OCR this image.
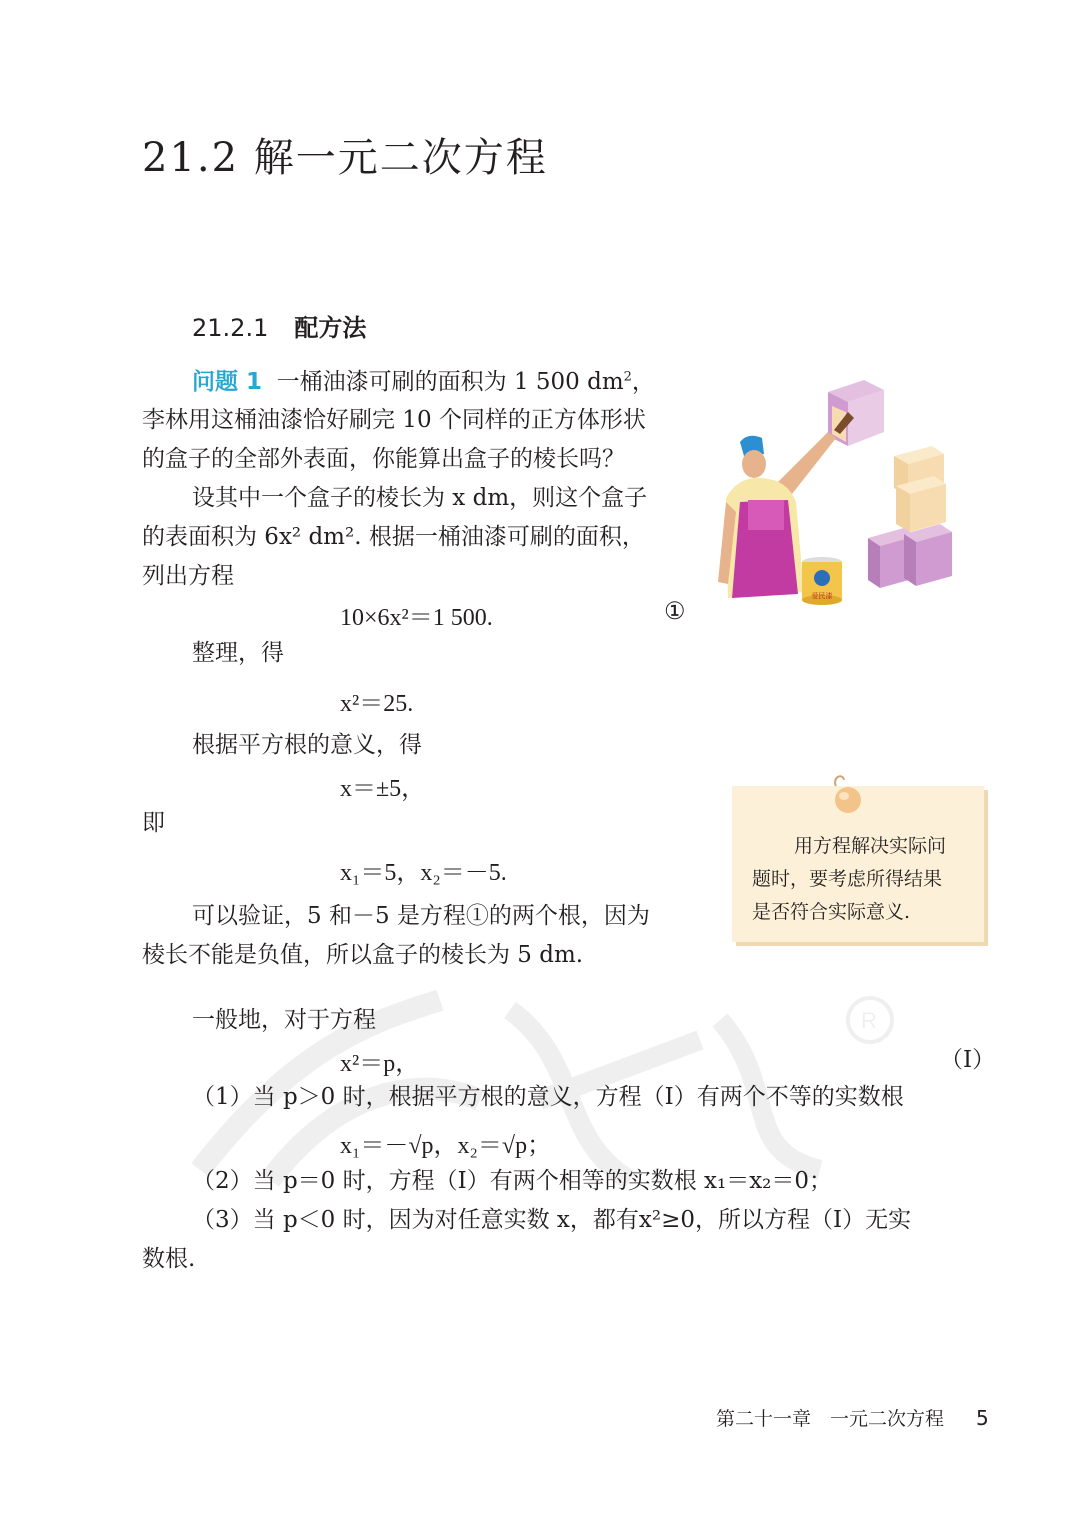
R
21.2 解一元二次方程
21.2.1 配方法
问题 1 一桶油漆可刷的面积为 1 500 $dm^2$，
李林用这桶油漆恰好刷完 10 个同样的正方体形状
的盒子的全部外表面，你能算出盒子的棱长吗？
设其中一个盒子的棱长为 x dm，则这个盒子
的表面积为 6x² dm². 根据一桶油漆可刷的面积，
列出方程
10×6x²＝1 500.	①
整理，得
x²＝25.
根据平方根的意义，得
x＝±5，
即
x₁＝5，x₂＝－5.
可以验证，5 和－5 是方程①的两个根，因为
棱长不能是负值，所以盒子的棱长为 5 dm.
用方程解决实际问
题时，要考虑所得结果
是否符合实际意义.
爱民漆
一般地，对于方程
x²＝p，	（Ⅰ）
（1）当 p＞0 时，根据平方根的意义，方程（Ⅰ）有两个不等的实数根
x₁＝－√p，x₂＝√p；
（2）当 p＝0 时，方程（Ⅰ）有两个相等的实数根 x₁＝x₂＝0；
（3）当 p＜0 时，因为对任意实数 x，都有x²≥0，所以方程（Ⅰ）无实
数根.
第二十一章　一元二次方程 5
